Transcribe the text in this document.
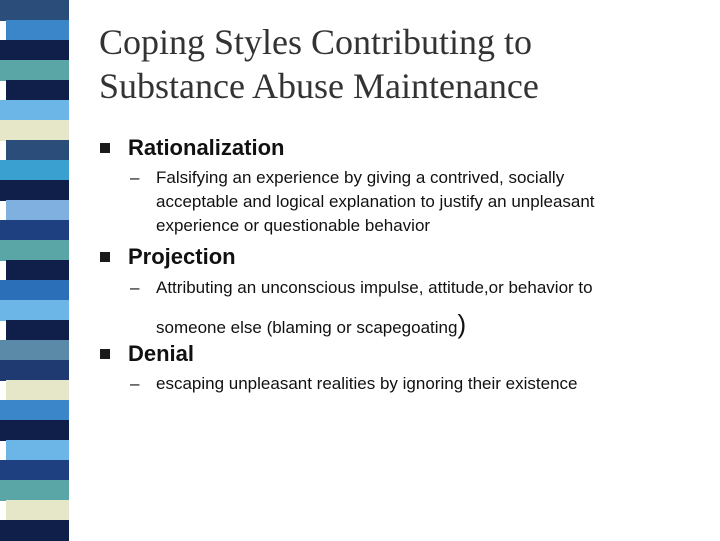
Coping Styles Contributing to
Substance Abuse Maintenance
Rationalization
– Falsifying an experience by giving a contrived, socially
acceptable and logical explanation to justify an unpleasant
experience or questionable behavior
Projection
– Attributing an unconscious impulse, attitude,or behavior to
someone else (blaming or scapegoating)
Denial
– escaping unpleasant realities by ignoring their existence
